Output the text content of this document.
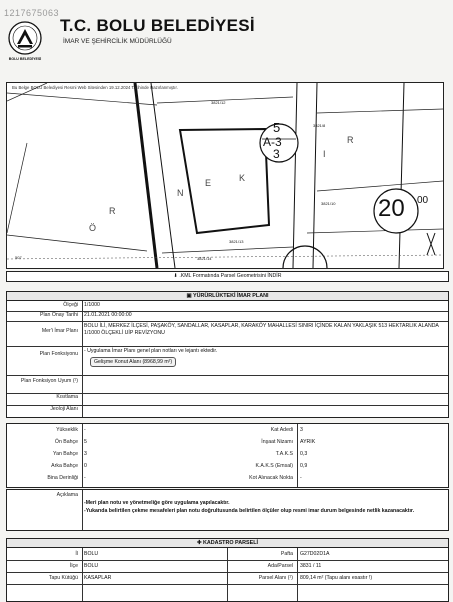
1217675063
BOLU BELEDİYESİ
T.C. BOLU BELEDİYESİ
İMAR VE ŞEHİRCİLİK MÜDÜRLÜĞÜ
Bu Belge BOLU Belediyesi Resmi Web Sitesinden 19.12.2024 Tarihinde Hazırlanmıştır.
3821/12
3821/8
3821/10
3821/13
3821/14
507
5
A-3
3
20 00
Ö
R
N
E	K
I
R
⬇ .KML Formatında Parsel Geometrisini İNDİR
▣ YÜRÜRLÜKTEKİ İMAR PLANI
Ölçeği 1/1000
Plan Onay Tarihi 21.01.2021 00:00:00
Mer'i İmar Planı
BOLU İLİ, MERKEZ İLÇESİ, PAŞAKÖY, SANDALLAR, KASAPLAR, KARAKÖY MAHALLESİ SINIRI İÇİNDE KALAN YAKLAŞIK 513 HEKTARLIK ALANDA 1/1000 ÖLÇEKLİ UİP REVİZYONU
Plan Fonksiyonu - Uygulama İmar Planı genel plan notları ve lejantı ektedir.
Gelişme Konut Alanı (8968,99 m²)
Plan Fonksiyon Uyum (¹)
Kısıtlama
Jeoloji Alanı
Yükseklik -
Ön Bahçe 5
Yan Bahçe 3
Arka Bahçe 0
Bina Derinliği -
Kat Adedi 3
İnşaat Nizamı AYRIK
T.A.K.S 0,3
K.A.K.S (Emsal) 0,9
Kot Alınacak Nokta -
Açıklama
-Meri plan notu ve yönetmeliğe göre uygulama yapılacaktır.
-Yukarıda belirtilen çekme mesafeleri plan notu doğrultusunda belirtilen ölçüler olup resmi imar durum belgesinde netlik kazanacaktır.
✚ KADASTRO PARSELİ
İl BOLU
İlçe BOLU
Tapu Kütüğü KASAPLAR
Pafta G27D02D1A
Ada/Parsel 3831 / 11
Parsel Alanı (¹) 809,14 m² (Tapu alanı esastır !)
